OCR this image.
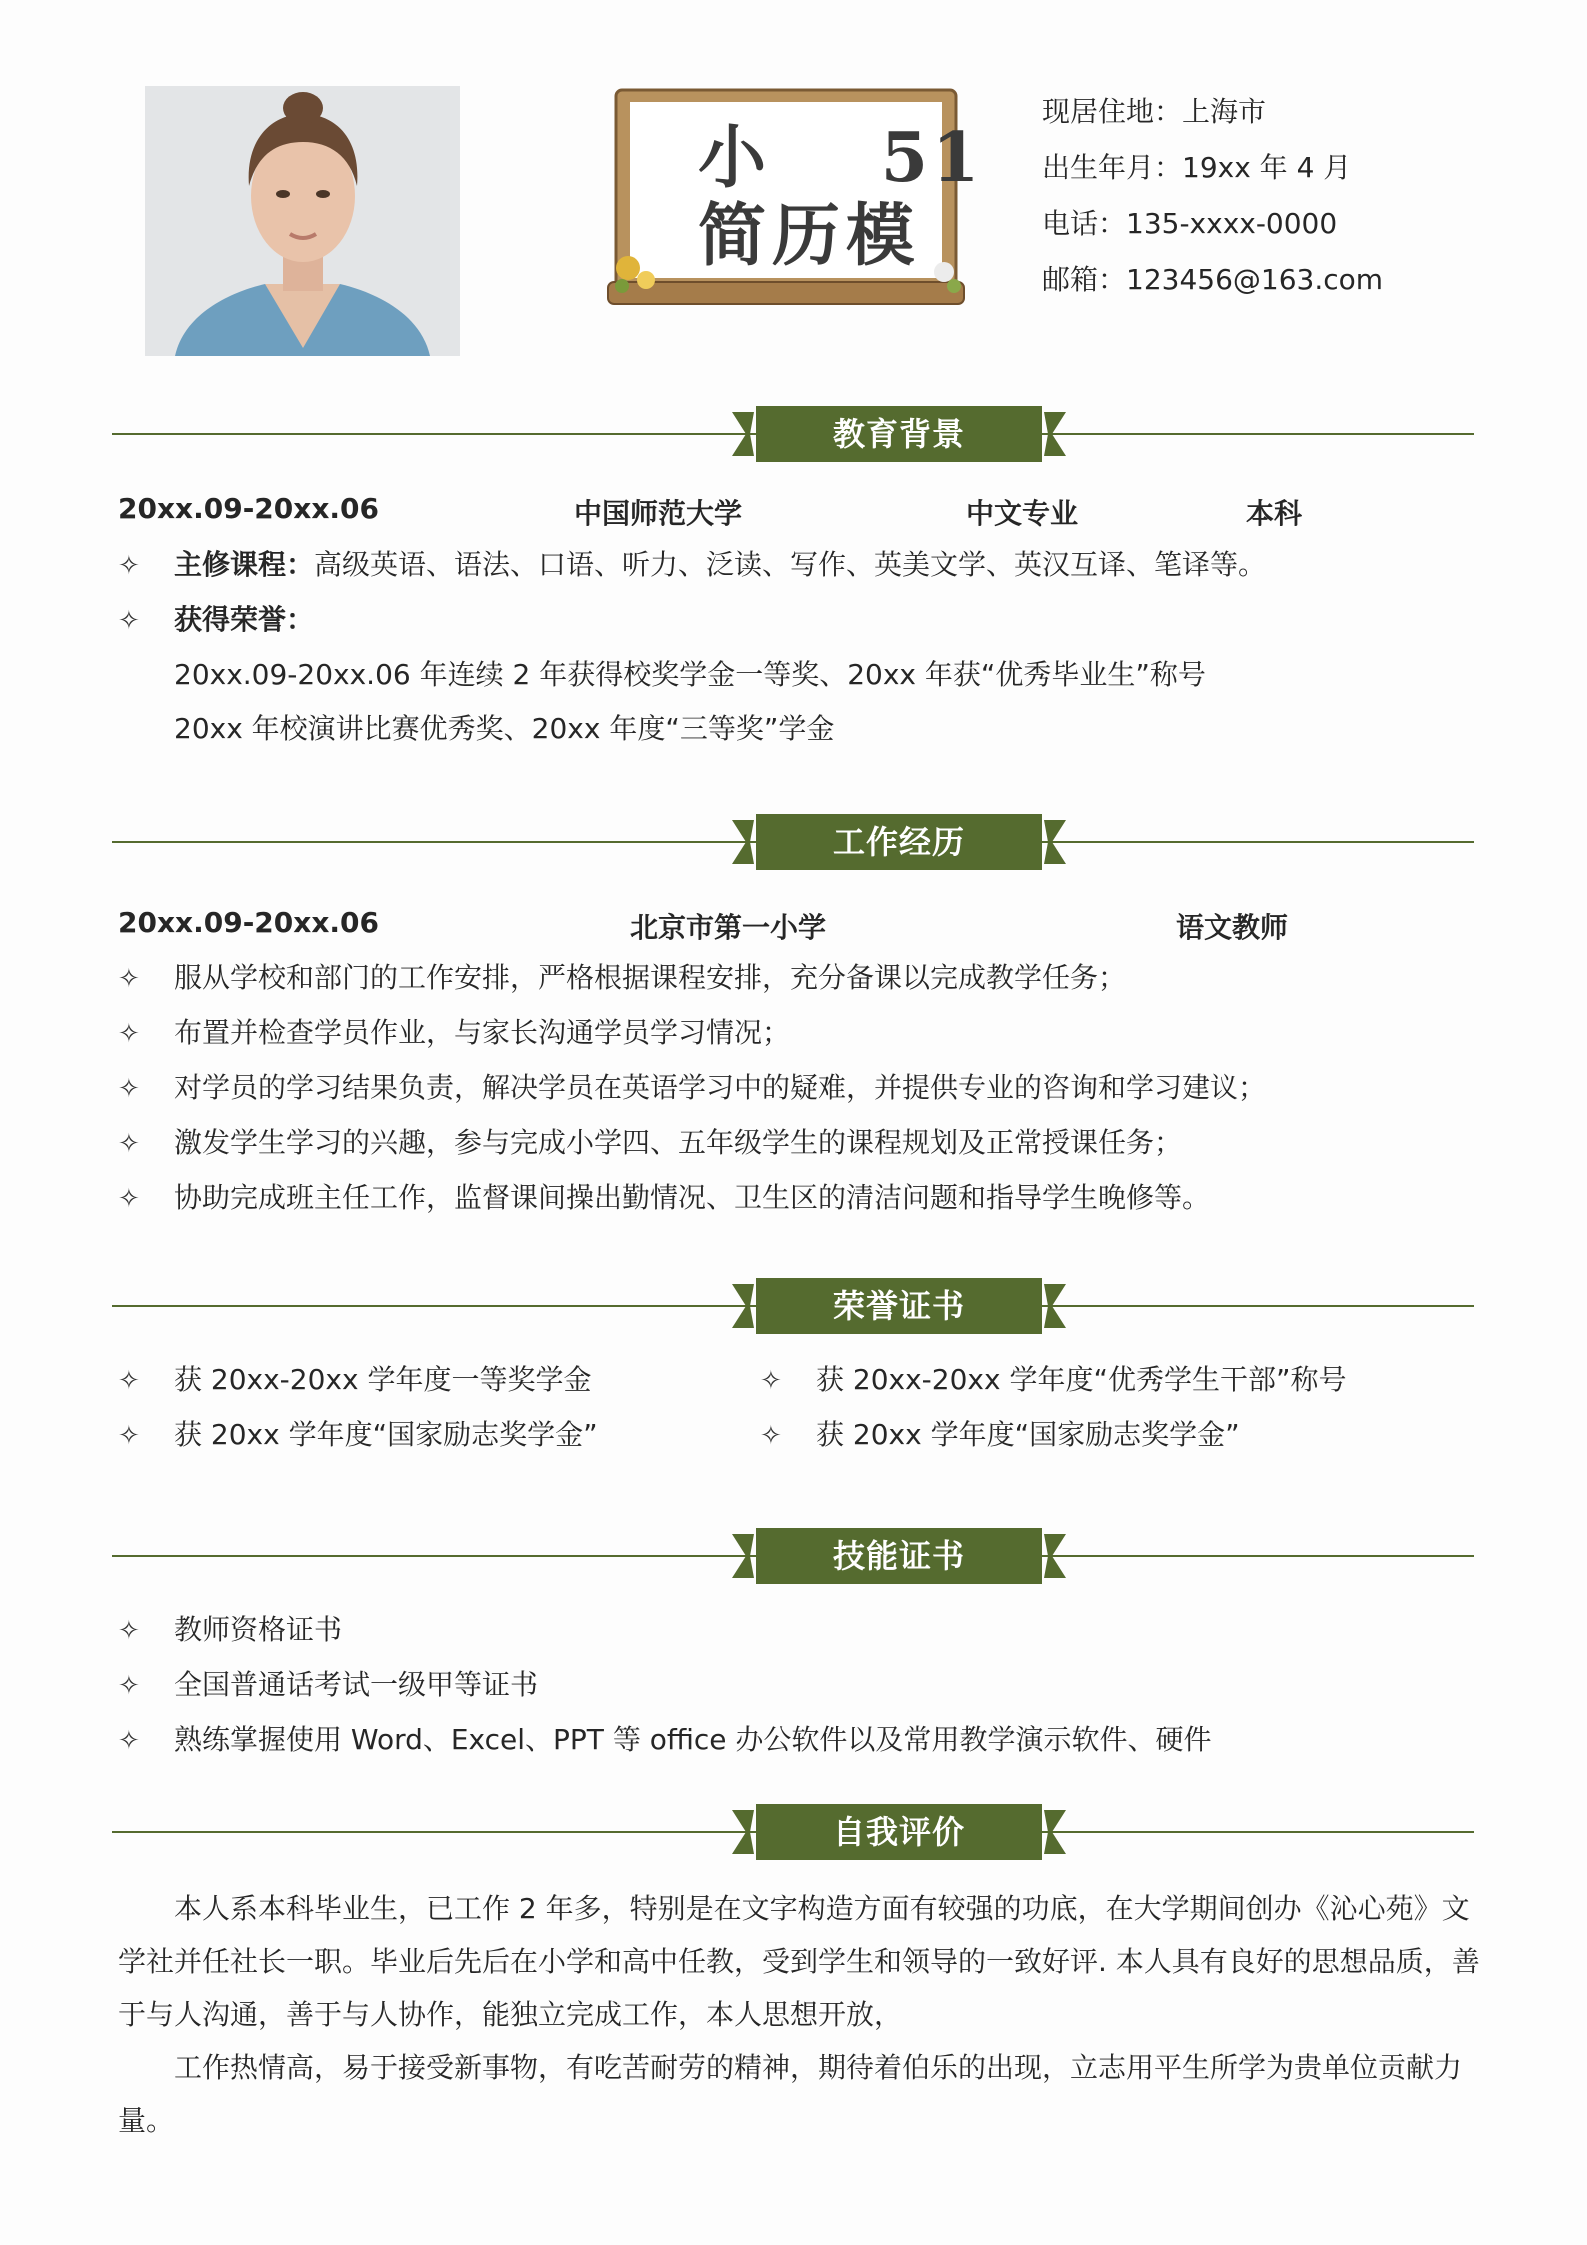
小    51
简历模
现居住地：上海市
出生年月：19xx 年 4 月
电话：135-xxxx-0000
邮箱：123456@163.com
教育背景
20xx.09-20xx.06	中国师范大学	中文专业	本科
✧ 主修课程：高级英语、语法、口语、听力、泛读、写作、英美文学、英汉互译、笔译等。
✧ 获得荣誉：
20xx.09-20xx.06 年连续 2 年获得校奖学金一等奖、20xx 年获“优秀毕业生”称号
20xx 年校演讲比赛优秀奖、20xx 年度“三等奖”学金
工作经历
20xx.09-20xx.06	北京市第一小学	语文教师
✧ 服从学校和部门的工作安排，严格根据课程安排，充分备课以完成教学任务；
✧ 布置并检查学员作业，与家长沟通学员学习情况；
✧ 对学员的学习结果负责，解决学员在英语学习中的疑难，并提供专业的咨询和学习建议；
✧ 激发学生学习的兴趣，参与完成小学四、五年级学生的课程规划及正常授课任务；
✧ 协助完成班主任工作，监督课间操出勤情况、卫生区的清洁问题和指导学生晚修等。
荣誉证书
✧ 获 20xx-20xx 学年度一等奖学金
✧ 获 20xx 学年度“国家励志奖学金”
✧ 获 20xx-20xx 学年度“优秀学生干部”称号
✧ 获 20xx 学年度“国家励志奖学金”
技能证书
✧ 教师资格证书
✧ 全国普通话考试一级甲等证书
✧ 熟练掌握使用 Word、Excel、PPT 等 office 办公软件以及常用教学演示软件、硬件
自我评价
本人系本科毕业生，已工作 2 年多，特别是在文字构造方面有较强的功底，在大学期间创办《沁心苑》文学社并任社长一职。毕业后先后在小学和高中任教，受到学生和领导的一致好评. 本人具有良好的思想品质，善于与人沟通，善于与人协作，能独立完成工作，本人思想开放，
工作热情高，易于接受新事物，有吃苦耐劳的精神，期待着伯乐的出现，立志用平生所学为贵单位贡献力量。
